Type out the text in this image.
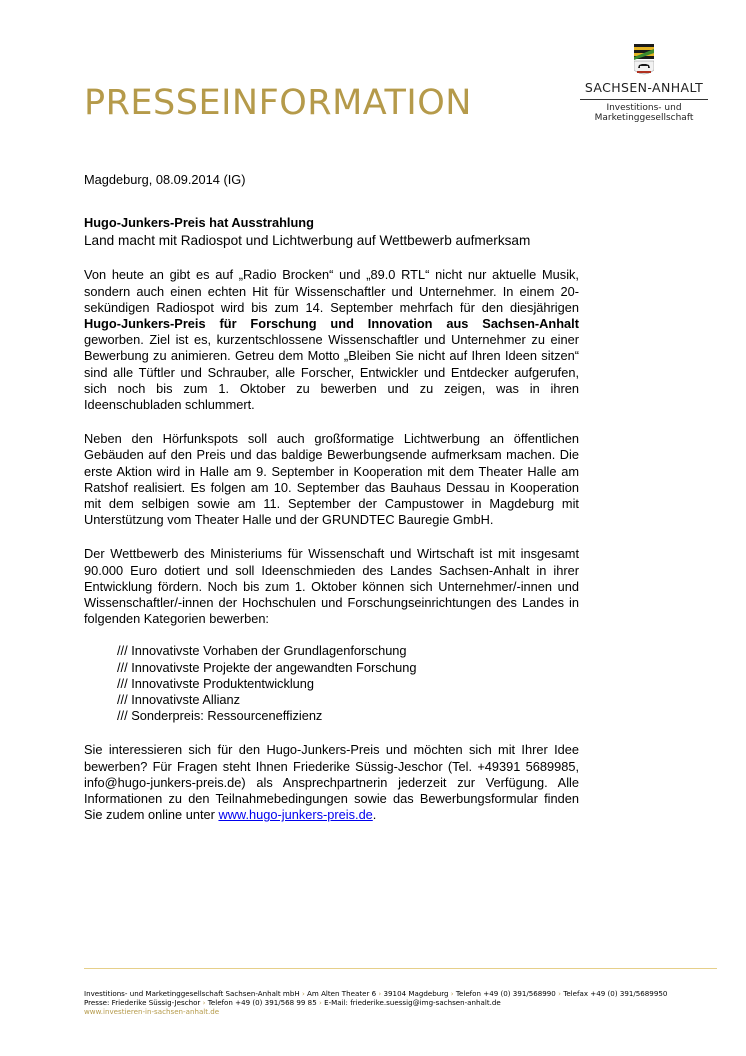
PRESSEINFORMATION	SACHSEN-ANHALT
Investitions- und
Marketinggesellschaft

Magdeburg, 08.09.2014 (IG)

Hugo-Junkers-Preis hat Ausstrahlung

Land macht mit Radiospot und Lichtwerbung auf Wettbewerb aufmerksam

Von heute an gibt es auf „Radio Brocken“ und „89.0 RTL“ nicht nur aktuelle Musik, sondern auch einen echten Hit für Wissenschaftler und Unternehmer. In einem 20-sekündigen Radiospot wird bis zum 14. September mehrfach für den diesjährigen Hugo-Junkers-Preis für Forschung und Innovation aus Sachsen-Anhalt geworben. Ziel ist es, kurzentschlossene Wissenschaftler und Unternehmer zu einer Bewerbung zu animieren. Getreu dem Motto „Bleiben Sie nicht auf Ihren Ideen sitzen“ sind alle Tüftler und Schrauber, alle Forscher, Entwickler und Entdecker aufgerufen, sich noch bis zum 1. Oktober zu bewerben und zu zeigen, was in ihren Ideenschubladen schlummert.

Neben den Hörfunkspots soll auch großformatige Lichtwerbung an öffentlichen Gebäuden auf den Preis und das baldige Bewerbungsende aufmerksam machen. Die erste Aktion wird in Halle am 9. September in Kooperation mit dem Theater Halle am Ratshof realisiert. Es folgen am 10. September das Bauhaus Dessau in Kooperation mit dem selbigen sowie am 11. September der Campustower in Magdeburg mit Unterstützung vom Theater Halle und der GRUNDTEC Bauregie GmbH.

Der Wettbewerb des Ministeriums für Wissenschaft und Wirtschaft ist mit insgesamt 90.000 Euro dotiert und soll Ideenschmieden des Landes Sachsen-Anhalt in ihrer Entwicklung fördern. Noch bis zum 1. Oktober können sich Unternehmer/-innen und Wissenschaftler/-innen der Hochschulen und Forschungseinrichtungen des Landes in folgenden Kategorien bewerben:

/// Innovativste Vorhaben der Grundlagenforschung
/// Innovativste Projekte der angewandten Forschung
/// Innovativste Produktentwicklung
/// Innovativste Allianz
/// Sonderpreis: Ressourceneffizienz

Sie interessieren sich für den Hugo-Junkers-Preis und möchten sich mit Ihrer Idee bewerben? Für Fragen steht Ihnen Friederike Süssig-Jeschor (Tel. +49391 5689985, info@hugo-junkers-preis.de) als Ansprechpartnerin jederzeit zur Verfügung. Alle Informationen zu den Teilnahmebedingungen sowie das Bewerbungsformular finden Sie zudem online unter www.hugo-junkers-preis.de.

Investitions- und Marketinggesellschaft Sachsen-Anhalt mbH › Am Alten Theater 6 › 39104 Magdeburg › Telefon +49 (0) 391/568990 › Telefax +49 (0) 391/5689950
Presse: Friederike Süssig-Jeschor › Telefon +49 (0) 391/568 99 85 › E-Mail: friederike.suessig@img-sachsen-anhalt.de
www.investieren-in-sachsen-anhalt.de
